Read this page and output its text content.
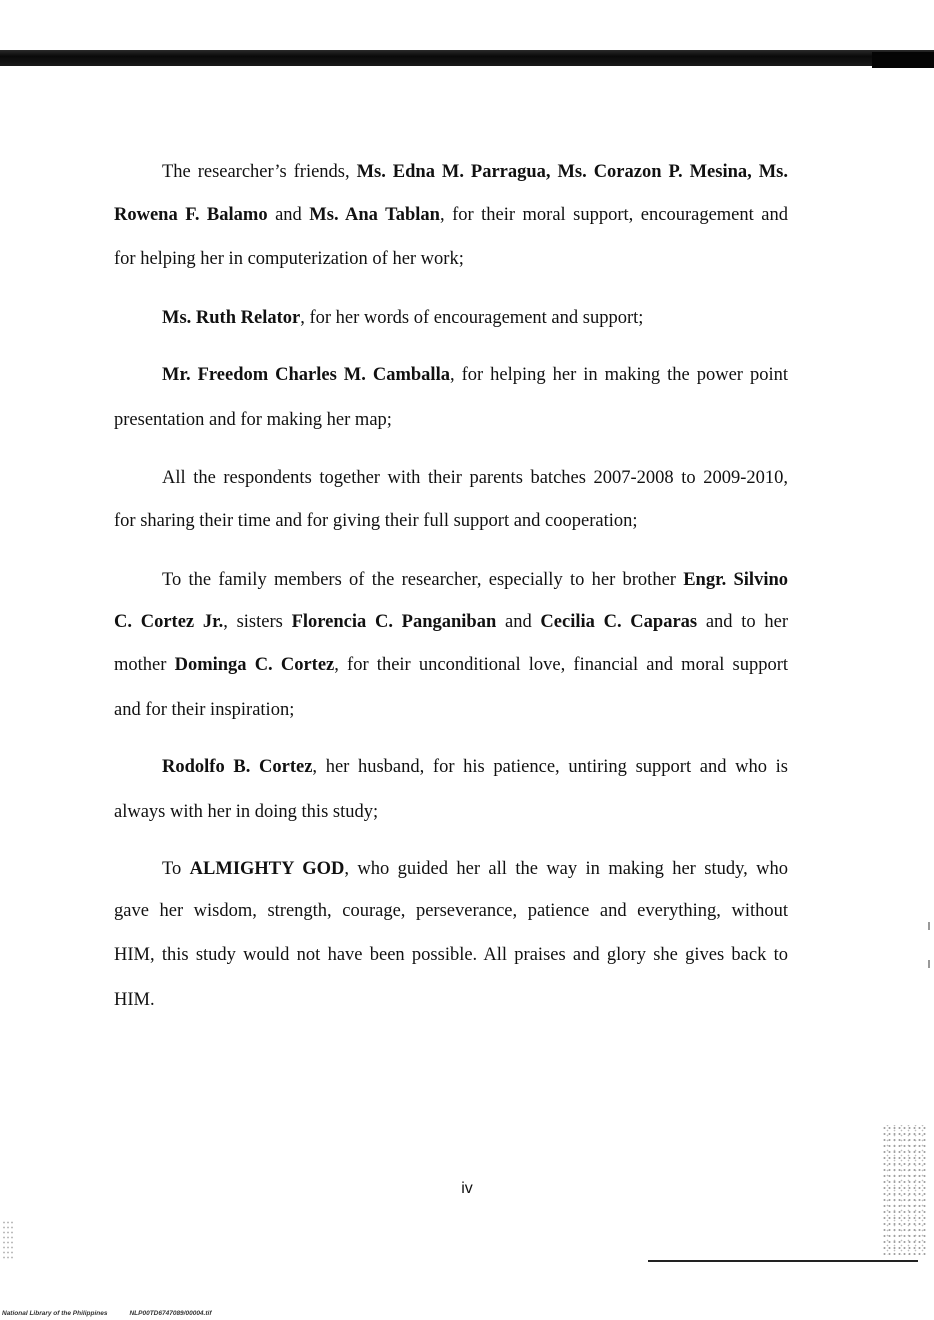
The researcher’s friends, Ms. Edna M. Parragua, Ms. Corazon P. Mesina, Ms.
Rowena F. Balamo and Ms. Ana Tablan, for their moral support, encouragement and
for helping her in computerization of her work;
Ms. Ruth Relator, for her words of encouragement and support;
Mr. Freedom Charles M. Camballa, for helping her in making the power point
presentation and for making her map;
All the respondents together with their parents batches 2007-2008 to 2009-2010,
for sharing their time and for giving their full support and cooperation;
To the family members of the researcher, especially to her brother Engr. Silvino
C. Cortez Jr., sisters Florencia C. Panganiban and Cecilia C. Caparas and to her
mother Dominga C. Cortez, for their unconditional love, financial and moral support
and for their inspiration;
Rodolfo B. Cortez, her husband, for his patience, untiring support and who is
always with her in doing this study;
To ALMIGHTY GOD, who guided her all the way in making her study, who
gave her wisdom, strength, courage, perseverance, patience and everything, without
HIM, this study would not have been possible. All praises and glory she gives back to
HIM.
iv
National Library of the Philippines	NLP00TD6747089/00004.tif
